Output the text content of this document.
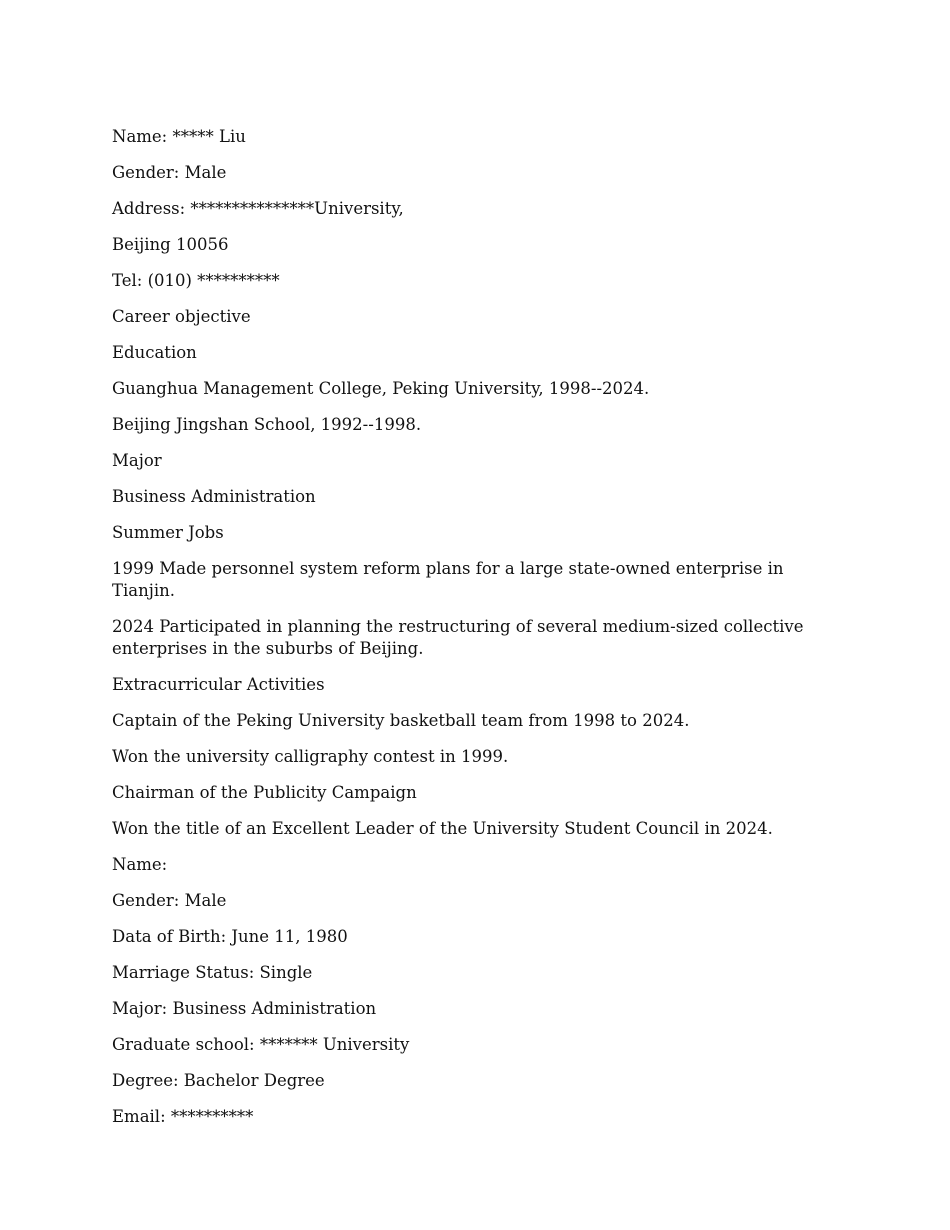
Name: ***** Liu

Gender: Male

Address: ***************University,

Beijing 10056

Tel: (010) **********

Career objective

Education

Guanghua Management College, Peking University, 1998--2024.

Beijing Jingshan School, 1992--1998.

Major

Business Administration

Summer Jobs

1999 Made personnel system reform plans for a large state-owned enterprise in Tianjin.

2024 Participated in planning the restructuring of several medium-sized collective enterprises in the suburbs of Beijing.

Extracurricular Activities

Captain of the Peking University basketball team from 1998 to 2024.

Won the university calligraphy contest in 1999.

Chairman of the Publicity Campaign

Won the title of an Excellent Leader of the University Student Council in 2024.

Name:

Gender: Male

Data of Birth: June 11, 1980

Marriage Status: Single

Major: Business Administration

Graduate school: ******* University

Degree: Bachelor Degree

Email: **********
